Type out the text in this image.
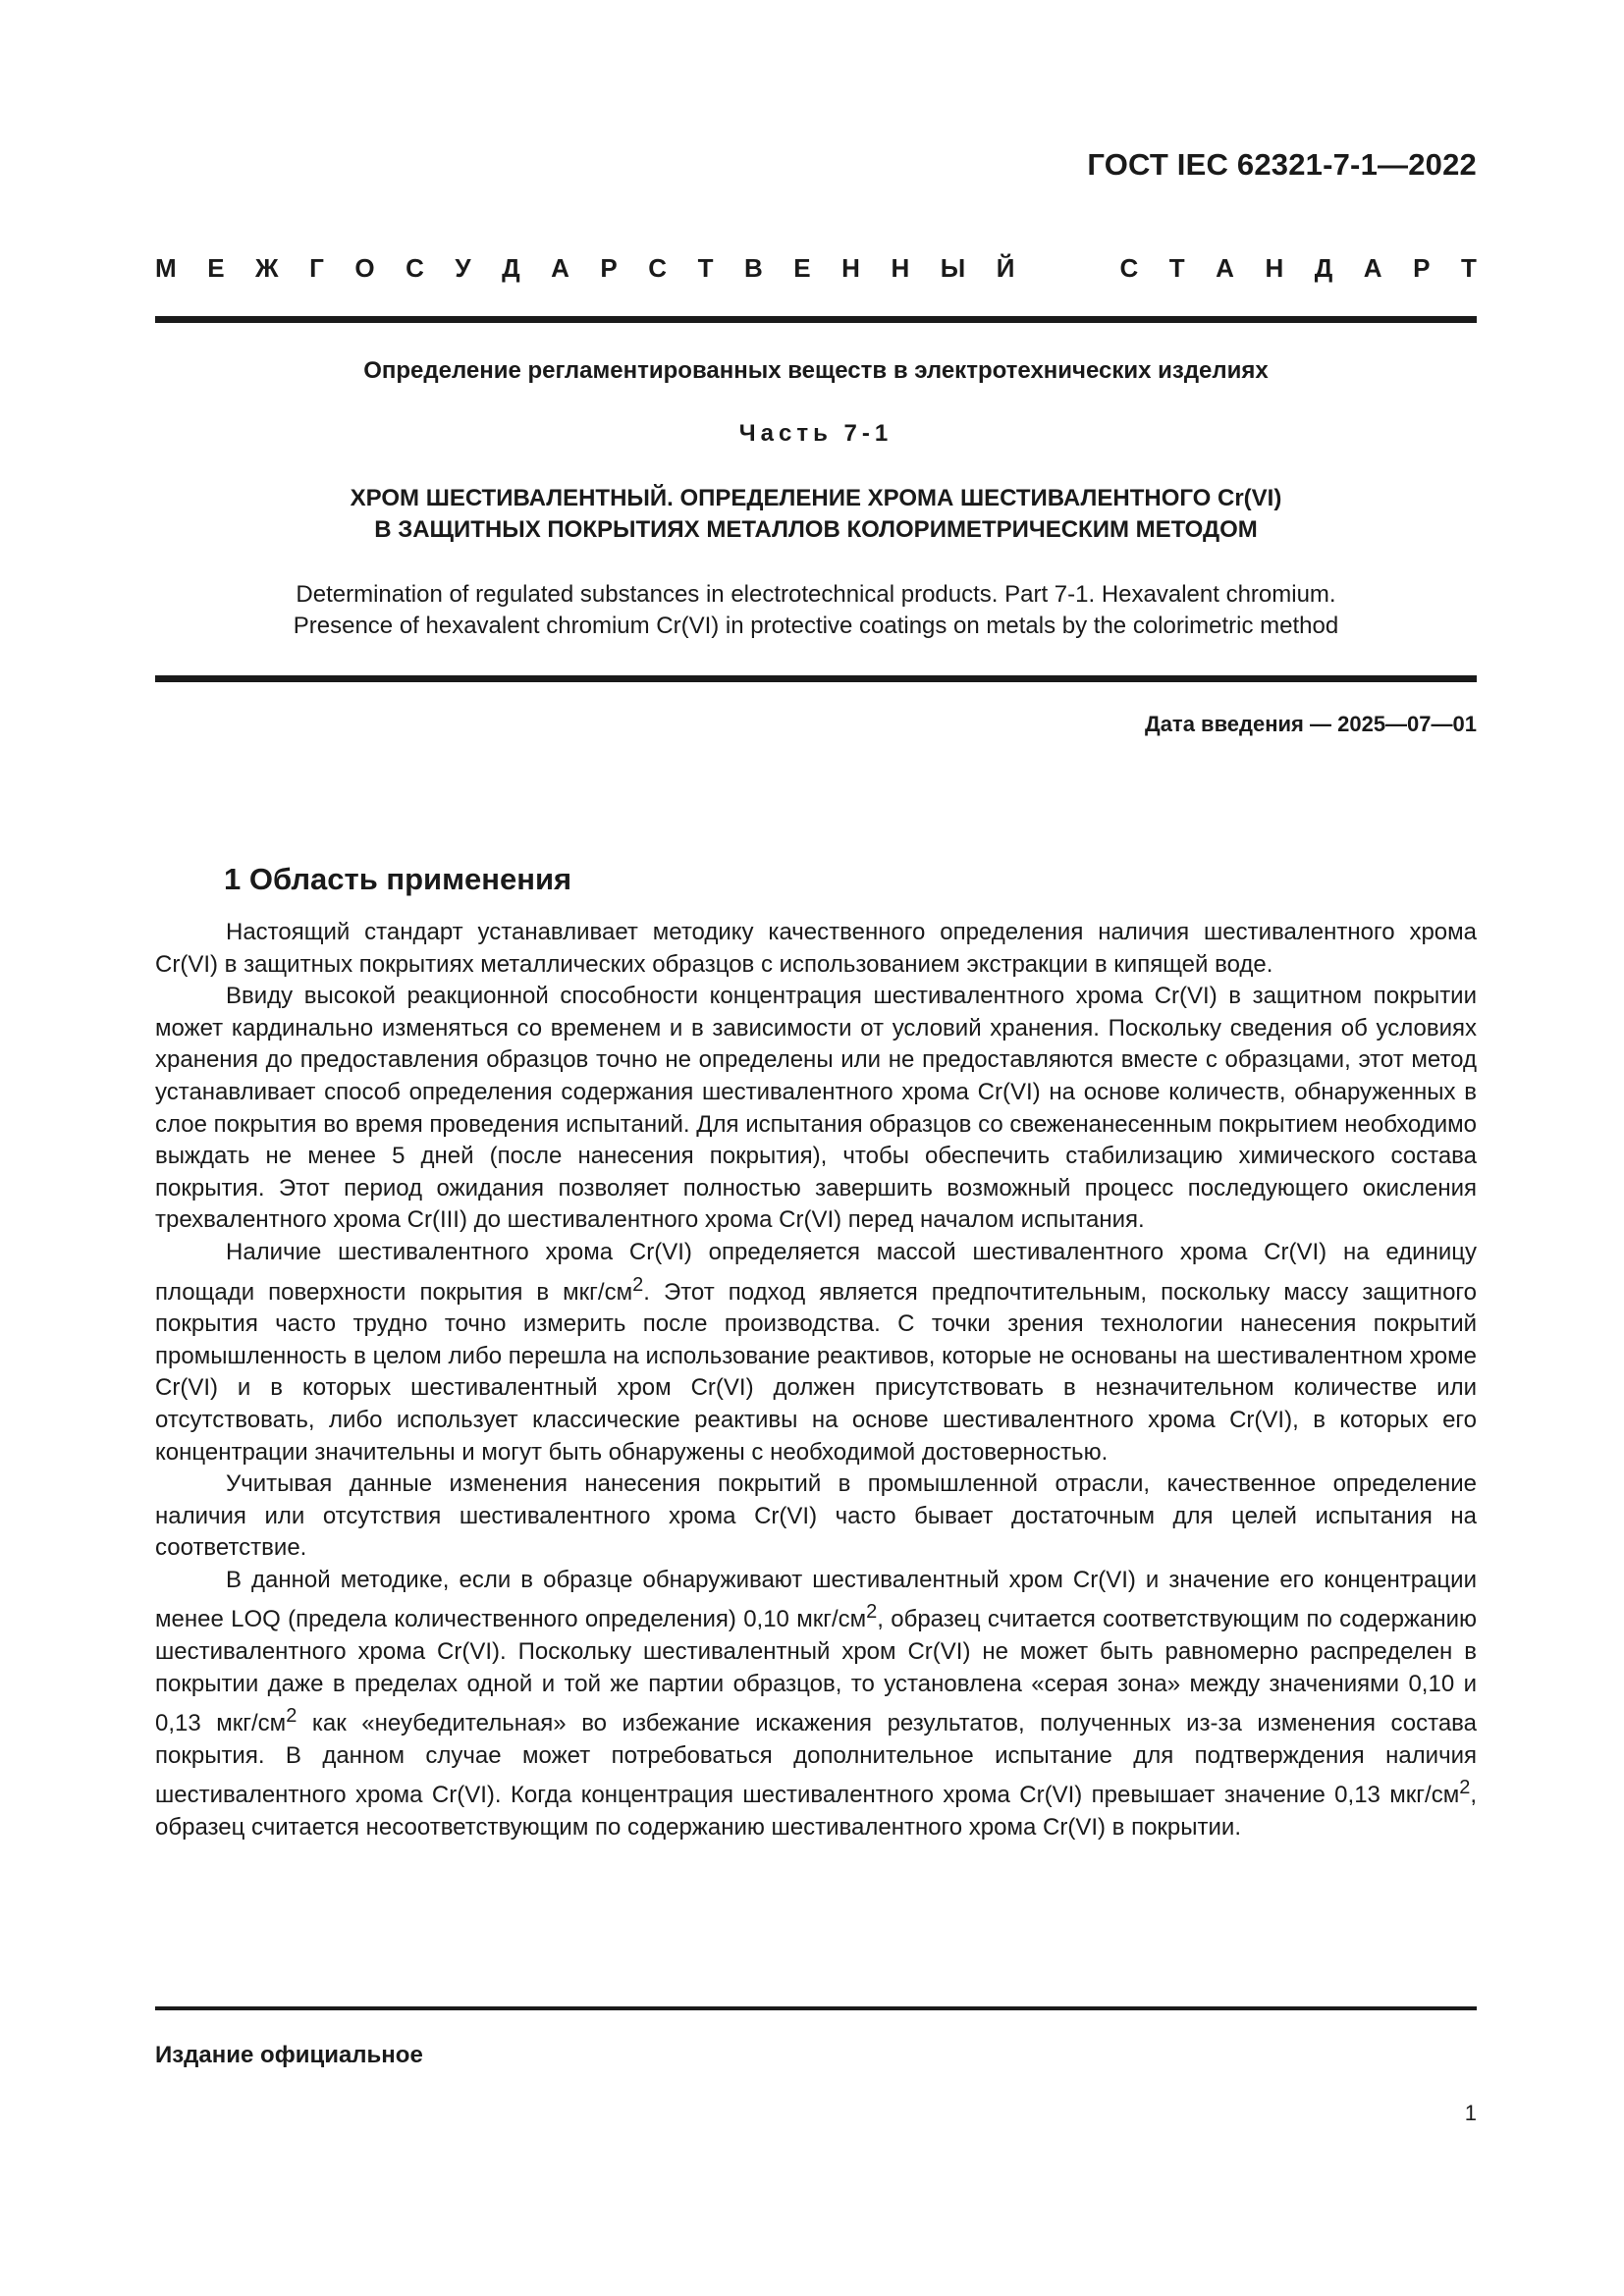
ГОСТ IEC 62321-7-1—2022
М Е Ж Г О С У Д А Р С Т В Е Н Н Ы Й	С Т А Н Д А Р Т
Определение регламентированных веществ в электротехнических изделиях
Часть 7-1
ХРОМ ШЕСТИВАЛЕНТНЫЙ. ОПРЕДЕЛЕНИЕ ХРОМА ШЕСТИВАЛЕНТНОГО Cr(VI)
В ЗАЩИТНЫХ ПОКРЫТИЯХ МЕТАЛЛОВ КОЛОРИМЕТРИЧЕСКИМ МЕТОДОМ
Determination of regulated substances in electrotechnical products. Part 7-1. Hexavalent chromium.
Presence of hexavalent chromium Cr(VI) in protective coatings on metals by the colorimetric method
Дата введения — 2025—07—01
1 Область применения

Настоящий стандарт устанавливает методику качественного определения наличия шестивалентного хрома Cr(VI) в защитных покрытиях металлических образцов с использованием экстракции в кипящей воде.

Ввиду высокой реакционной способности концентрация шестивалентного хрома Cr(VI) в защитном покрытии может кардинально изменяться со временем и в зависимости от условий хранения. Поскольку сведения об условиях хранения до предоставления образцов точно не определены или не предоставляются вместе с образцами, этот метод устанавливает способ определения содержания шестивалентного хрома Cr(VI) на основе количеств, обнаруженных в слое покрытия во время проведения испытаний. Для испытания образцов со свеженанесенным покрытием необходимо выждать не менее 5 дней (после нанесения покрытия), чтобы обеспечить стабилизацию химического состава покрытия. Этот период ожидания позволяет полностью завершить возможный процесс последующего окисления трехвалентного хрома Cr(III) до шестивалентного хрома Cr(VI) перед началом испытания.

Наличие шестивалентного хрома Cr(VI) определяется массой шестивалентного хрома Cr(VI) на единицу площади поверхности покрытия в мкг/$см^2$. Этот подход является предпочтительным, поскольку массу защитного покрытия часто трудно точно измерить после производства. С точки зрения технологии нанесения покрытий промышленность в целом либо перешла на использование реактивов, которые не основаны на шестивалентном хроме Cr(VI) и в которых шестивалентный хром Cr(VI) должен присутствовать в незначительном количестве или отсутствовать, либо использует классические реактивы на основе шестивалентного хрома Cr(VI), в которых его концентрации значительны и могут быть обнаружены с необходимой достоверностью.

Учитывая данные изменения нанесения покрытий в промышленной отрасли, качественное определение наличия или отсутствия шестивалентного хрома Cr(VI) часто бывает достаточным для целей испытания на соответствие.

В данной методике, если в образце обнаруживают шестивалентный хром Cr(VI) и значение его концентрации менее LOQ (предела количественного определения) 0,10 мкг/$см^2$, образец считается соответствующим по содержанию шестивалентного хрома Cr(VI). Поскольку шестивалентный хром Cr(VI) не может быть равномерно распределен в покрытии даже в пределах одной и той же партии образцов, то установлена «серая зона» между значениями 0,10 и 0,13 мкг/$см^2$ как «неубедительная» во избежание искажения результатов, полученных из-за изменения состава покрытия. В данном случае может потребоваться дополнительное испытание для подтверждения наличия шестивалентного хрома Cr(VI). Когда концентрация шестивалентного хрома Cr(VI) превышает значение 0,13 мкг/$см^2$, образец считается несоответствующим по содержанию шестивалентного хрома Cr(VI) в покрытии.

Издание официальное
1
